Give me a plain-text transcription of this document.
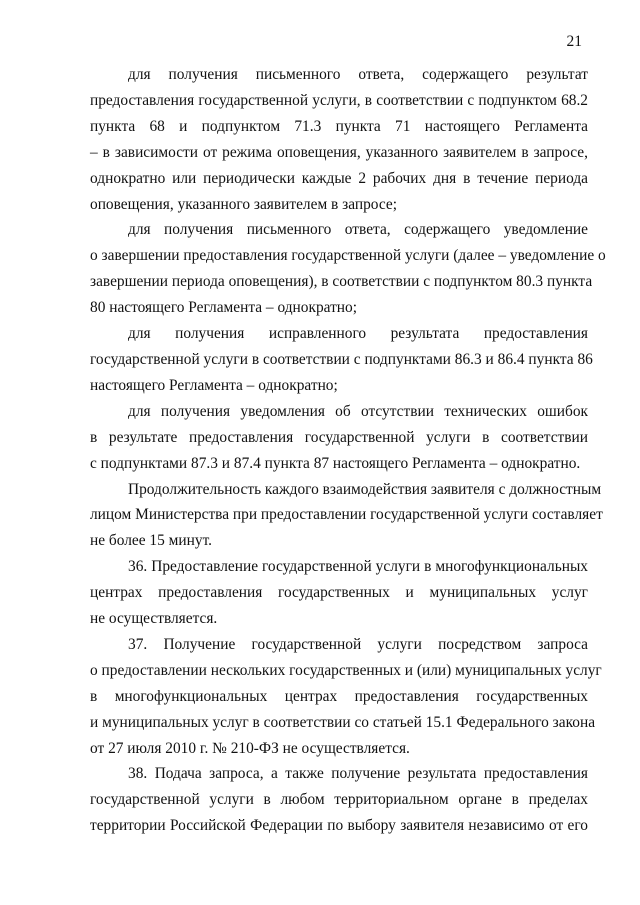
21
для получения письменного ответа, содержащего результат
предоставления государственной услуги, в соответствии с подпунктом 68.2
пункта 68 и подпунктом 71.3 пункта 71 настоящего Регламента
– в зависимости от режима оповещения, указанного заявителем в запросе,
однократно или периодически каждые 2 рабочих дня в течение периода
оповещения, указанного заявителем в запросе;
для получения письменного ответа, содержащего уведомление
о завершении предоставления государственной услуги (далее – уведомление о
завершении периода оповещения), в соответствии с подпунктом 80.3 пункта
80 настоящего Регламента – однократно;
для получения исправленного результата предоставления
государственной услуги в соответствии с подпунктами 86.3 и 86.4 пункта 86
настоящего Регламента – однократно;
для получения уведомления об отсутствии технических ошибок
в результате предоставления государственной услуги в соответствии
с подпунктами 87.3 и 87.4 пункта 87 настоящего Регламента – однократно.
Продолжительность каждого взаимодействия заявителя с должностным
лицом Министерства при предоставлении государственной услуги составляет
не более 15 минут.
36. Предоставление государственной услуги в многофункциональных
центрах предоставления государственных и муниципальных услуг
не осуществляется.
37. Получение государственной услуги посредством запроса
о предоставлении нескольких государственных и (или) муниципальных услуг
в многофункциональных центрах предоставления государственных
и муниципальных услуг в соответствии со статьей 15.1 Федерального закона
от 27 июля 2010 г. № 210-ФЗ не осуществляется.
38. Подача запроса, а также получение результата предоставления
государственной услуги в любом территориальном органе в пределах
территории Российской Федерации по выбору заявителя независимо от его
